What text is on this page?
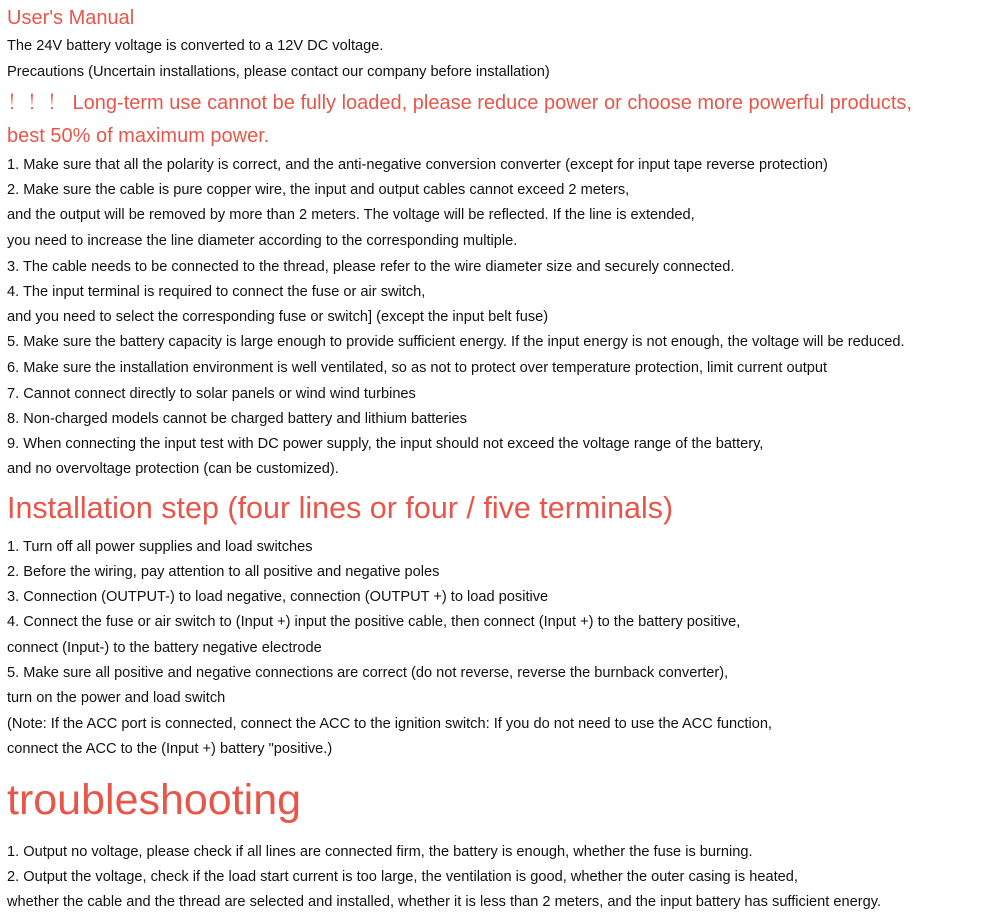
User's Manual
The 24V battery voltage is converted to a 12V DC voltage.
Precautions (Uncertain installations, please contact our company before installation)
！！！ Long-term use cannot be fully loaded, please reduce power or choose more powerful products,
best 50% of maximum power.
1. Make sure that all the polarity is correct, and the anti-negative conversion converter (except for input tape reverse protection)
2. Make sure the cable is pure copper wire, the input and output cables cannot exceed 2 meters,
and the output will be removed by more than 2 meters. The voltage will be reflected. If the line is extended,
you need to increase the line diameter according to the corresponding multiple.
3. The cable needs to be connected to the thread, please refer to the wire diameter size and securely connected.
4. The input terminal is required to connect the fuse or air switch,
and you need to select the corresponding fuse or switch] (except the input belt fuse)
5. Make sure the battery capacity is large enough to provide sufficient energy. If the input energy is not enough, the voltage will be reduced.
6. Make sure the installation environment is well ventilated, so as not to protect over temperature protection, limit current output
7. Cannot connect directly to solar panels or wind wind turbines
8. Non-charged models cannot be charged battery and lithium batteries
9. When connecting the input test with DC power supply, the input should not exceed the voltage range of the battery,
and no overvoltage protection (can be customized).
Installation step (four lines or four / five terminals)
1. Turn off all power supplies and load switches
2. Before the wiring, pay attention to all positive and negative poles
3. Connection (OUTPUT-) to load negative, connection (OUTPUT +) to load positive
4. Connect the fuse or air switch to (Input +) input the positive cable, then connect (Input +) to the battery positive,
connect (Input-) to the battery negative electrode
5. Make sure all positive and negative connections are correct (do not reverse, reverse the burnback converter),
turn on the power and load switch
(Note: If the ACC port is connected, connect the ACC to the ignition switch: If you do not need to use the ACC function,
connect the ACC to the (Input +) battery "positive.)
troubleshooting
1. Output no voltage, please check if all lines are connected firm, the battery is enough, whether the fuse is burning.
2. Output the voltage, check if the load start current is too large, the ventilation is good, whether the outer casing is heated,
whether the cable and the thread are selected and installed, whether it is less than 2 meters, and the input battery has sufficient energy.
